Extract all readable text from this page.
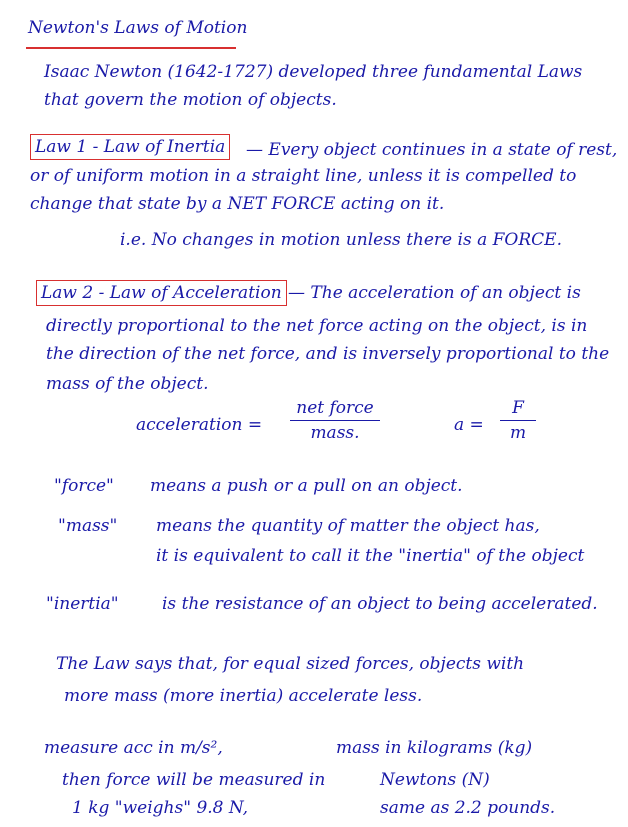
Newton's Laws of Motion
Isaac Newton (1642-1727) developed three fundamental Laws
that govern the motion of objects.
Law 1 - Law of Inertia — Every object continues in a state of rest,
or of uniform motion in a straight line, unless it is compelled to
change that state by a NET FORCE acting on it.
i.e. No changes in motion unless there is a FORCE.
Law 2 - Law of Acceleration — The acceleration of an object is
directly proportional to the net force acting on the object, is in
the direction of the net force, and is inversely proportional to the
mass of the object.
acceleration =
net force
mass.	a =
F
m
"force" means a push or a pull on an object.
"mass" means the quantity of matter the object has,
it is equivalent to call it the "inertia" of the object
"inertia"	is the resistance of an object to being accelerated.
The Law says that, for equal sized forces, objects with
more mass (more inertia) accelerate less.
measure acc in m/s²,	mass in kilograms (kg)
then force will be measured in	Newtons (N)
1 kg "weighs" 9.8 N,	same as 2.2 pounds.
